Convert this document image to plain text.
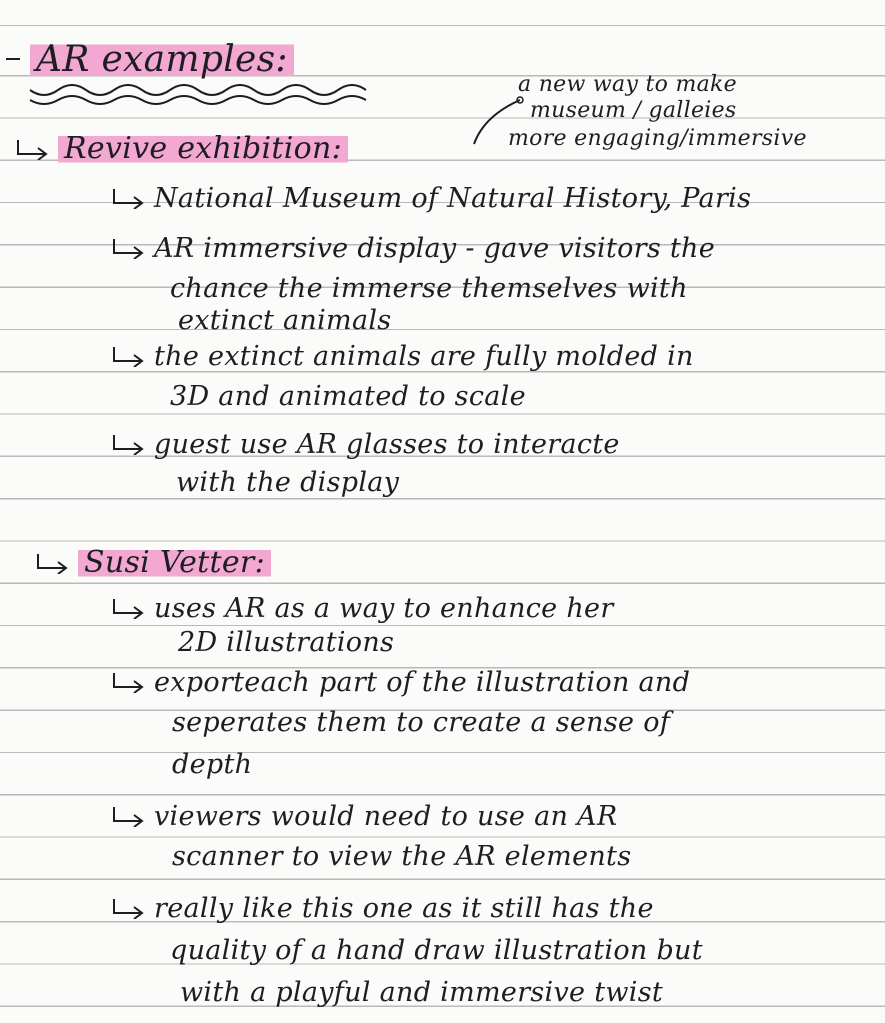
AR examples:
Revive exhibition:
a new way to make
museum / galleies
more engaging/immersive
National Museum of Natural History, Paris
AR immersive display - gave visitors the
chance the immerse themselves with
extinct animals
the extinct animals are fully molded in
3D and animated to scale
guest use AR glasses to interacte
with the display
Susi Vetter:
uses AR as a way to enhance her
2D illustrations
exporteach part of the illustration and
seperates them to create a sense of
depth
viewers would need to use an AR
scanner to view the AR elements
really like this one as it still has the
quality of a hand draw illustration but
with a playful and immersive twist
